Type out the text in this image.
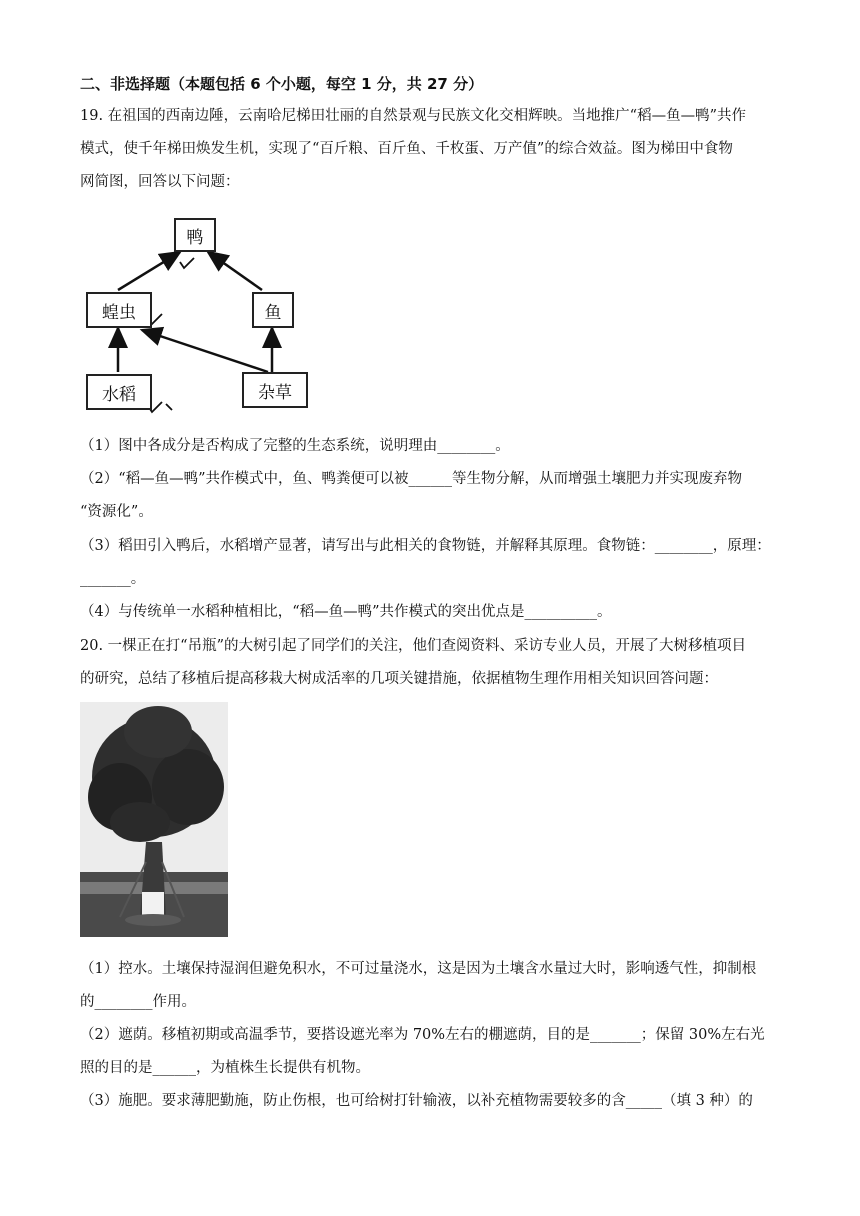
二、非选择题（本题包括 6 个小题，每空 1 分，共 27 分）
19. 在祖国的西南边陲，云南哈尼梯田壮丽的自然景观与民族文化交相辉映。当地推广“稻—鱼—鸭”共作
模式，使千年梯田焕发生机，实现了“百斤粮、百斤鱼、千枚蛋、万产值”的综合效益。图为梯田中食物
网简图，回答以下问题：
鸭
蝗虫	鱼
水稻	杂草
（1）图中各成分是否构成了完整的生态系统，说明理由________。
（2）“稻—鱼—鸭”共作模式中，鱼、鸭粪便可以被______等生物分解，从而增强土壤肥力并实现废弃物
“资源化”。
（3）稻田引入鸭后，水稻增产显著，请写出与此相关的食物链，并解释其原理。食物链：________，原理：
_______。
（4）与传统单一水稻种植相比，“稻—鱼—鸭”共作模式的突出优点是__________。
20. 一棵正在打“吊瓶”的大树引起了同学们的关注，他们查阅资料、采访专业人员，开展了大树移植项目
的研究，总结了移植后提高移栽大树成活率的几项关键措施，依据植物生理作用相关知识回答问题：
（1）控水。土壤保持湿润但避免积水，不可过量浇水，这是因为土壤含水量过大时，影响透气性，抑制根
的________作用。
（2）遮荫。移植初期或高温季节，要搭设遮光率为 70%左右的棚遮荫，目的是_______；保留 30%左右光
照的目的是______，为植株生长提供有机物。
（3）施肥。要求薄肥勤施，防止伤根，也可给树打针输液，以补充植物需要较多的含_____（填 3 种）的
